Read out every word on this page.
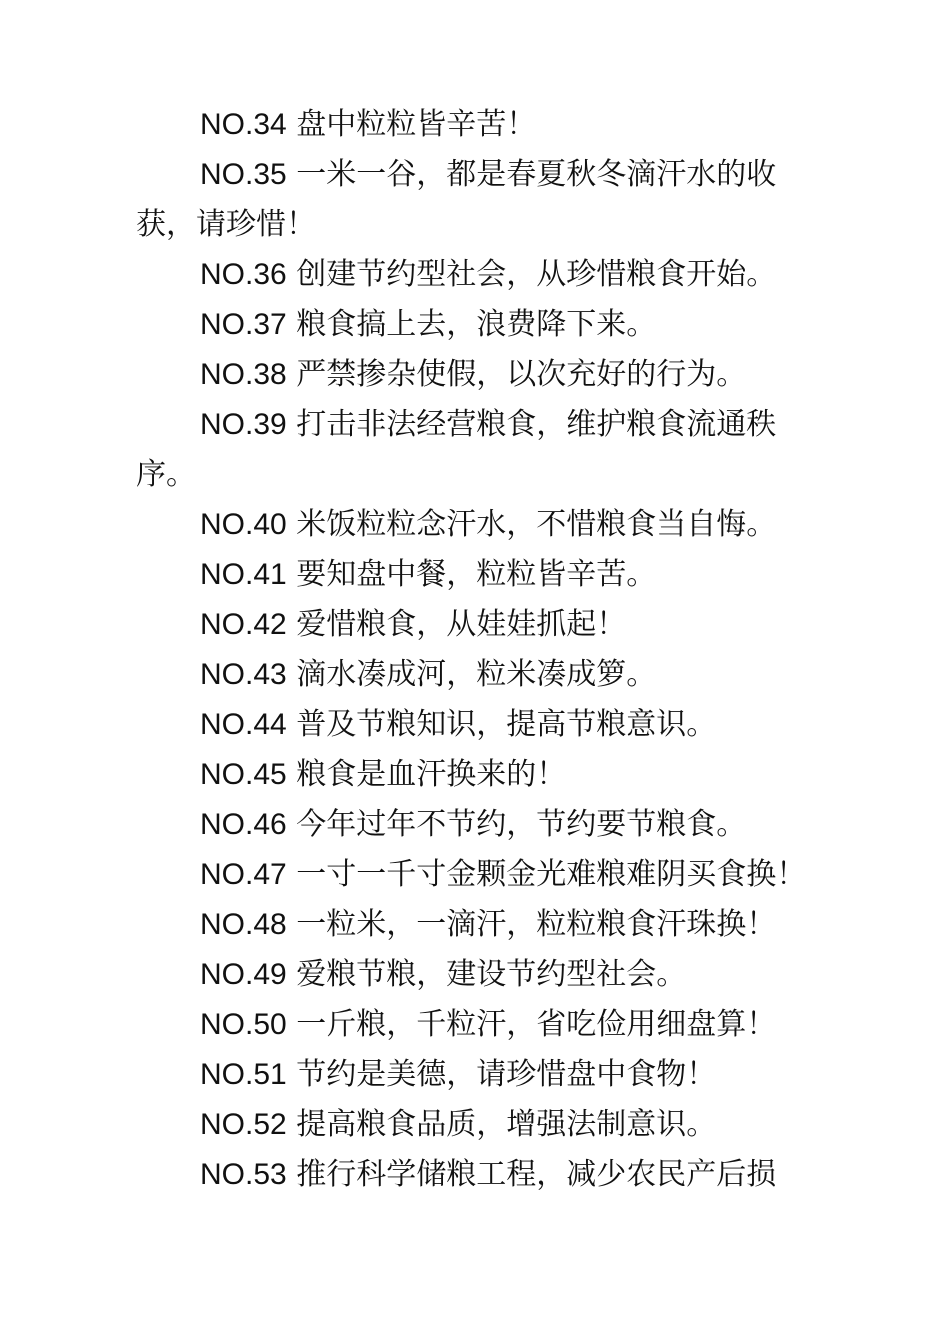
NO.34 盘中粒粒皆辛苦！

NO.35 一米一谷，都是春夏秋冬滴汗水的收获，请珍惜！

NO.36 创建节约型社会，从珍惜粮食开始。

NO.37 粮食搞上去，浪费降下来。

NO.38 严禁掺杂使假，以次充好的行为。

NO.39 打击非法经营粮食，维护粮食流通秩序。

NO.40 米饭粒粒念汗水，不惜粮食当自悔。

NO.41 要知盘中餐，粒粒皆辛苦。

NO.42 爱惜粮食，从娃娃抓起！

NO.43 滴水凑成河，粒米凑成箩。

NO.44 普及节粮知识，提高节粮意识。

NO.45 粮食是血汗换来的！

NO.46 今年过年不节约，节约要节粮食。

NO.47 一寸一千寸金颗金光难粮难阴买食换！

NO.48 一粒米，一滴汗，粒粒粮食汗珠换！

NO.49 爱粮节粮，建设节约型社会。

NO.50 一斤粮，千粒汗，省吃俭用细盘算！

NO.51 节约是美德，请珍惜盘中食物！

NO.52 提高粮食品质，增强法制意识。

NO.53 推行科学储粮工程，减少农民产后损
